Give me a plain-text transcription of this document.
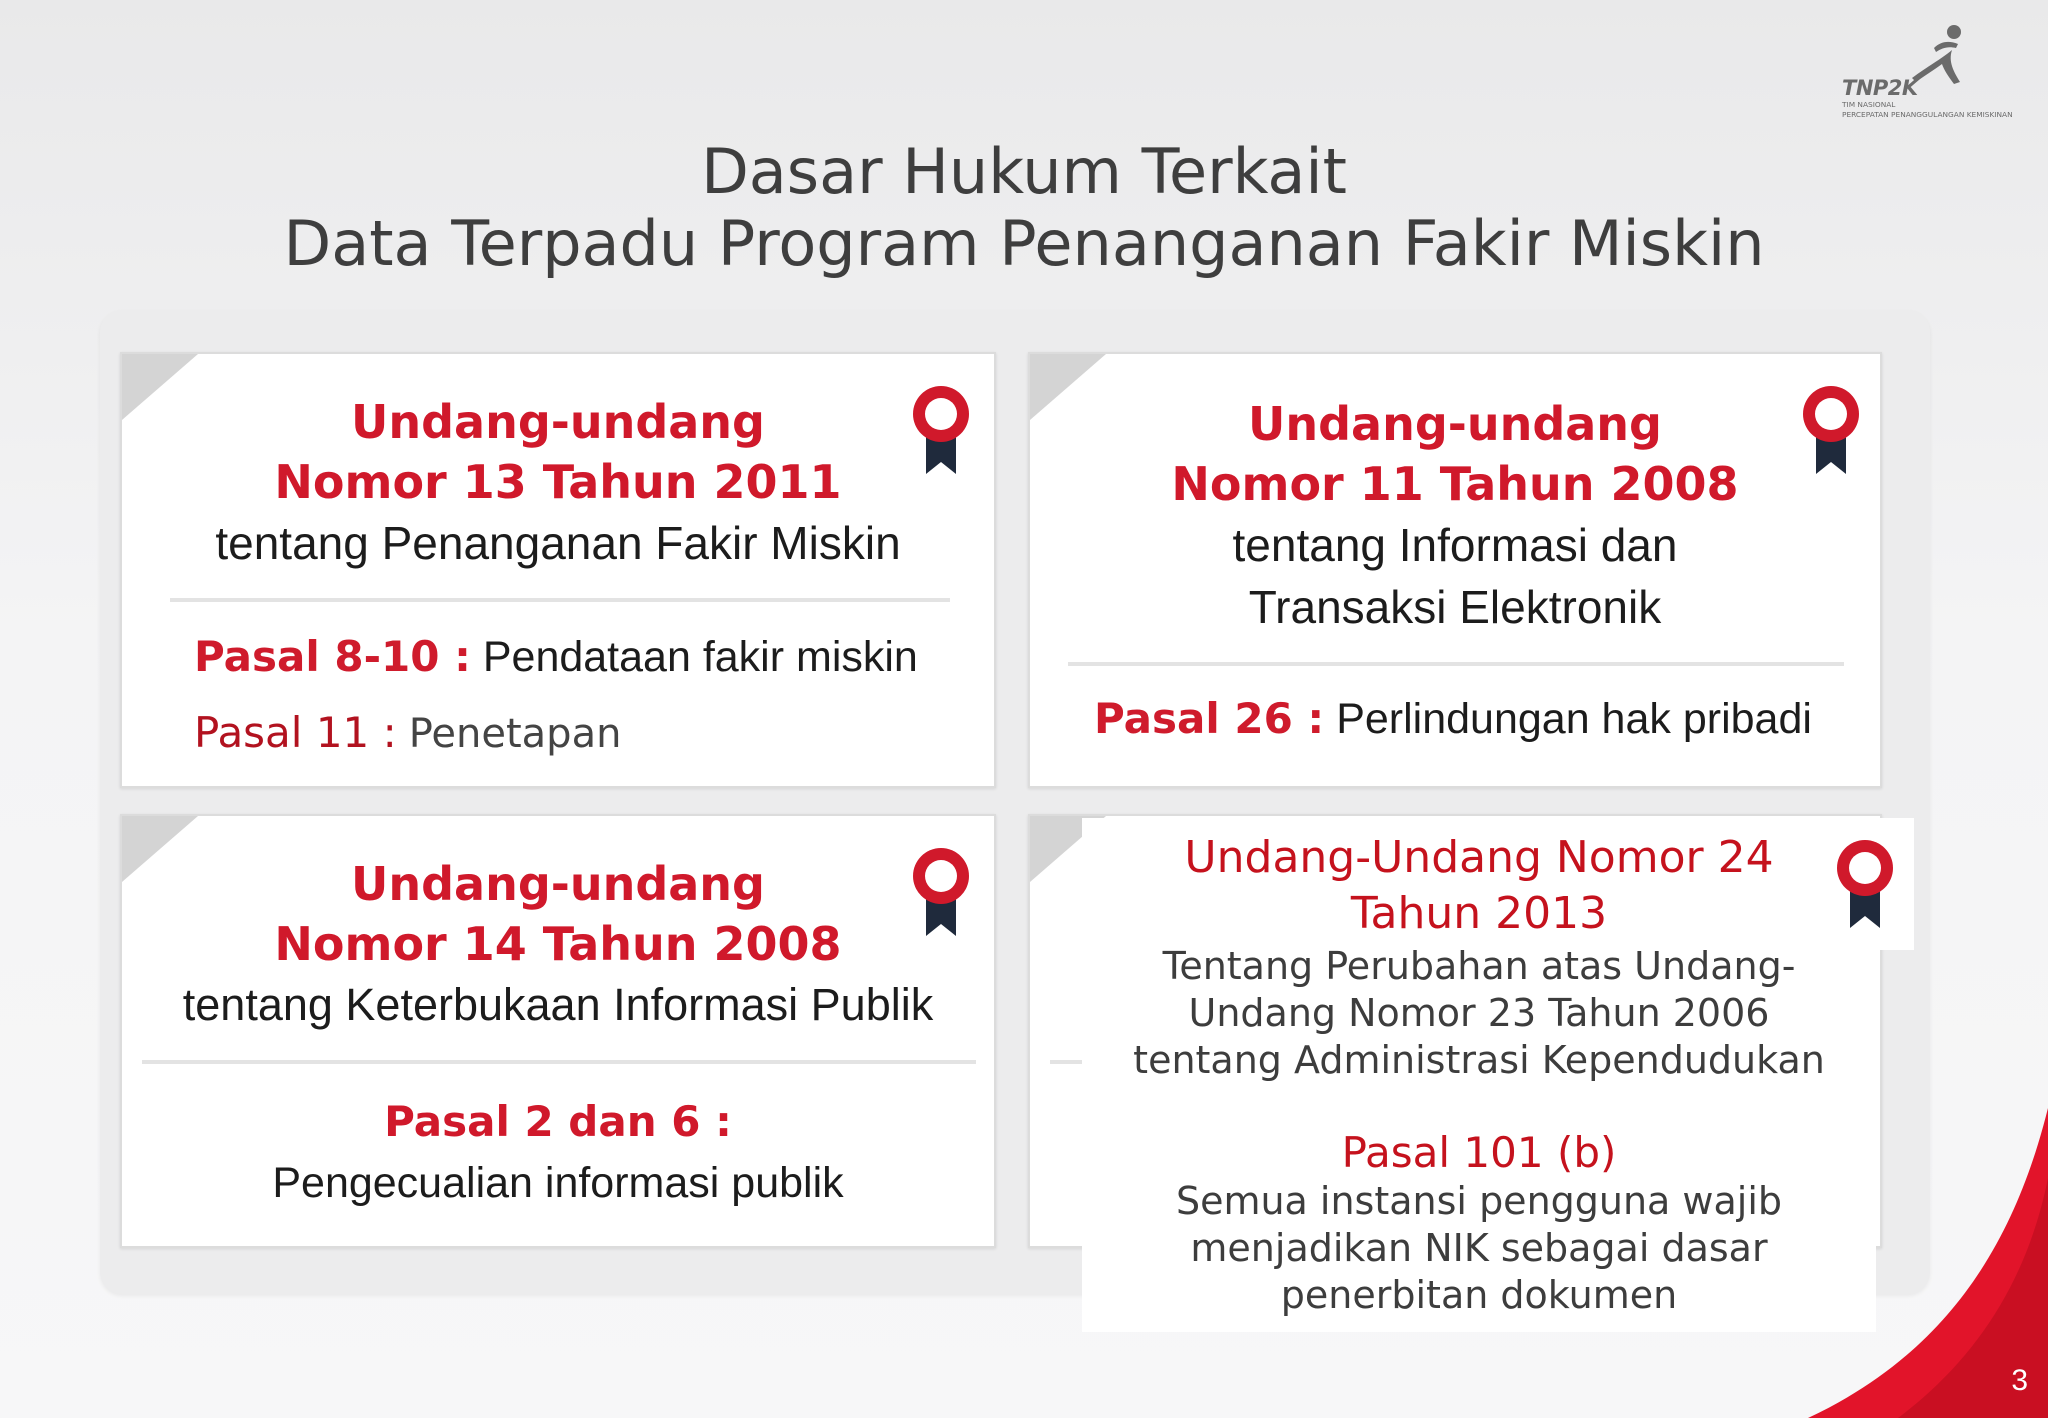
TNP2K
TIM NASIONAL
PERCEPATAN PENANGGULANGAN KEMISKINAN
Dasar Hukum Terkait
Data Terpadu Program Penanganan Fakir Miskin
Undang-undang
Nomor 13 Tahun 2011
tentang Penanganan Fakir Miskin
Pasal 8-10 : Pendataan fakir miskin
Pasal 11 : Penetapan
Undang-undang
Nomor 11 Tahun 2008
tentang Informasi dan
Transaksi Elektronik
Pasal 26 : Perlindungan hak pribadi
Undang-undang
Nomor 14 Tahun 2008
tentang Keterbukaan Informasi Publik
Pasal 2 dan 6 :
Pengecualian informasi publik
Undang-Undang Nomor 24
Tahun 2013
Tentang Perubahan atas Undang-
Undang Nomor 23 Tahun 2006
tentang Administrasi Kependudukan
Pasal 101 (b)
Semua instansi pengguna wajib
menjadikan NIK sebagai dasar
penerbitan dokumen
3
